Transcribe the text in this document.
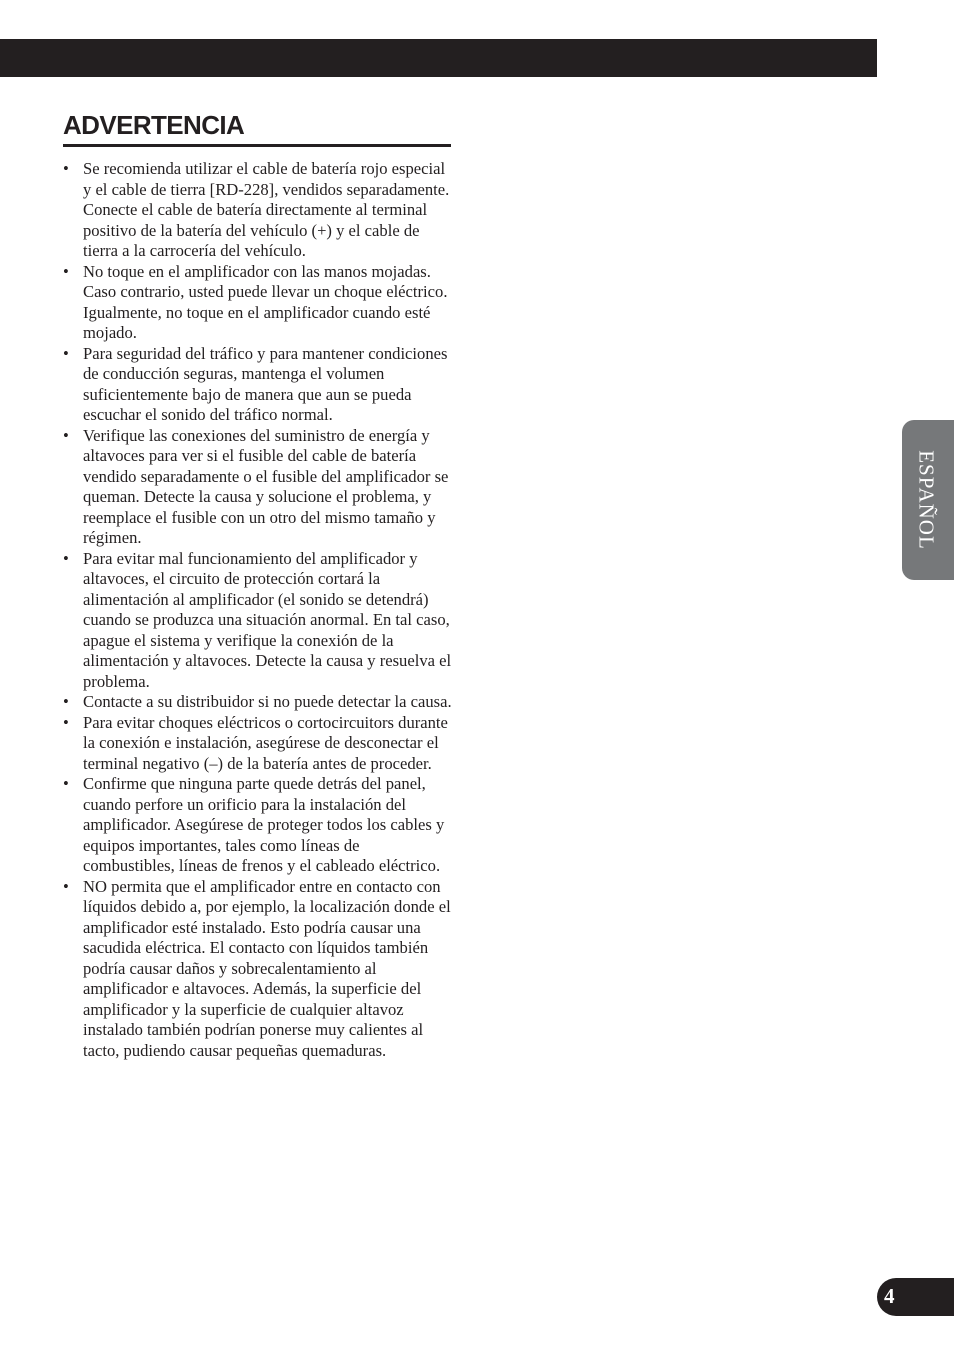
ADVERTENCIA
• Se recomienda utilizar el cable de batería rojo especial y el cable de tierra [RD-228], vendidos separadamente. Conecte el cable de batería directamente al terminal positivo de la batería del vehículo (+) y el cable de tierra a la carrocería del vehículo.
• No toque en el amplificador con las manos mojadas. Caso contrario, usted puede llevar un choque eléctrico. Igualmente, no toque en el amplificador cuando esté mojado.
• Para seguridad del tráfico y para mantener condiciones de conducción seguras, mantenga el volumen suficientemente bajo de manera que aun se pueda escuchar el sonido del tráfico normal.
• Verifique las conexiones del suministro de energía y altavoces para ver si el fusible del cable de batería vendido separadamente o el fusible del amplificador se queman. Detecte la causa y solucione el problema, y reemplace el fusible con un otro del mismo tamaño y régimen.
• Para evitar mal funcionamiento del amplificador y altavoces, el circuito de protección cortará la alimentación al amplificador (el sonido se detendrá) cuando se produzca una situación anormal. En tal caso, apague el sistema y verifique la conexión de la alimentación y altavoces. Detecte la causa y resuelva el problema.
• Contacte a su distribuidor si no puede detectar la causa.
• Para evitar choques eléctricos o cortocircuitors durante la conexión e instalación, asegúrese de desconectar el terminal negativo (–) de la batería antes de proceder.
• Confirme que ninguna parte quede detrás del panel, cuando perfore un orificio para la instalación del amplificador. Asegúrese de proteger todos los cables y equipos importantes, tales como líneas de combustibles, líneas de frenos y el cableado eléctrico.
• NO permita que el amplificador entre en contacto con líquidos debido a, por ejemplo, la localización donde el amplificador esté instalado. Esto podría causar una sacudida eléctrica. El contacto con líquidos también podría causar daños y sobrecalentamiento al amplificador e altavoces. Además, la superficie del amplificador y la superficie de cualquier altavoz instalado también podrían ponerse muy calientes al tacto, pudiendo causar pequeñas quemaduras.
ESPAÑOL
4
